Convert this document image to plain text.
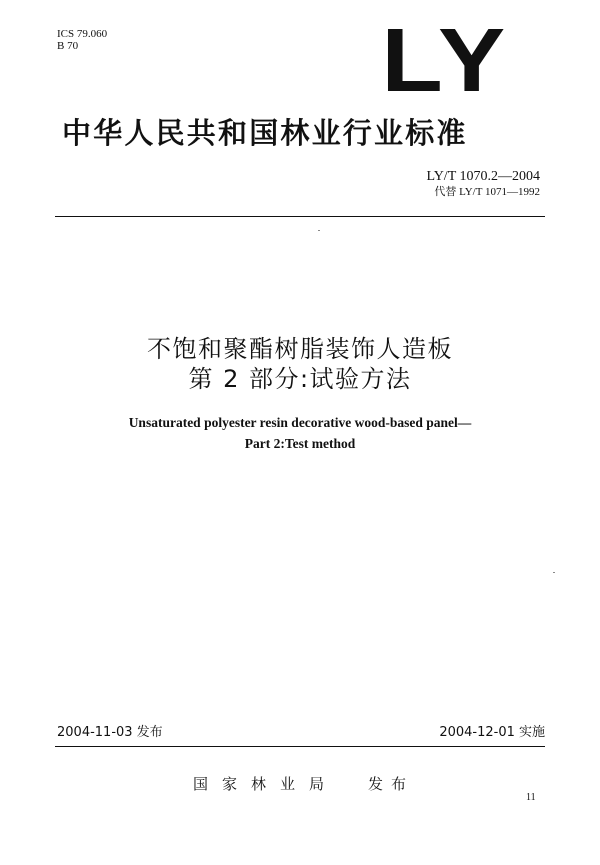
ICS 79.060
B 70	LY
中华人民共和国林业行业标准
LY/T 1070.2—2004
代替 LY/T 1071—1992
不饱和聚酯树脂装饰人造板
第 2 部分:试验方法
Unsaturated polyester resin decorative wood-based panel—
Part 2:Test method
2004-11-03 发布	2004-12-01 实施
国家林业局 发布
11
